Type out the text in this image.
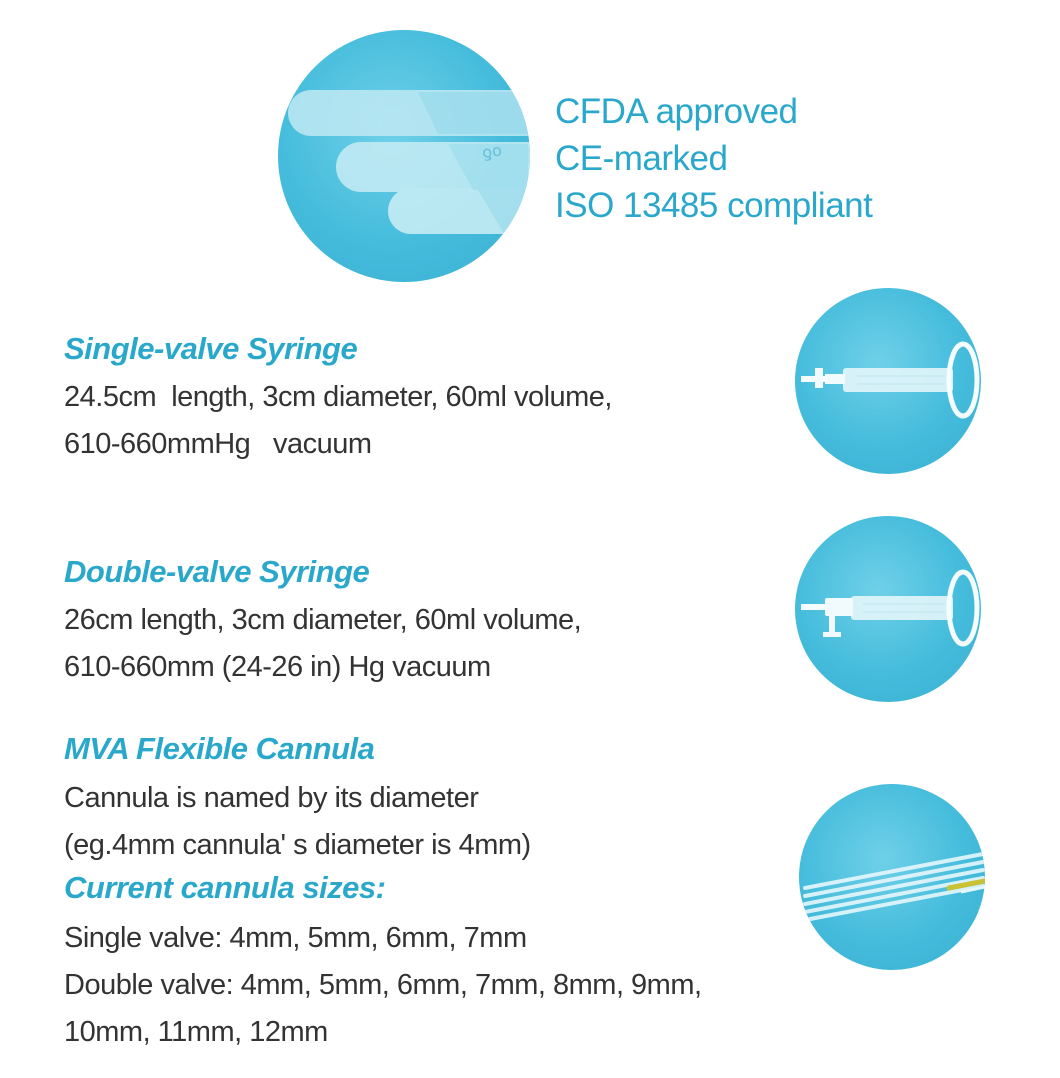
ƍo
CFDA approved
CE-marked
ISO 13485 compliant
Single-valve Syringe
24.5cm  length, 3cm diameter, 60ml volume,
610-660mmHg   vacuum
Double-valve Syringe
26cm length, 3cm diameter, 60ml volume,
610-660mm (24-26 in) Hg vacuum
MVA Flexible Cannula
Cannula is named by its diameter
(eg.4mm cannula' s diameter is 4mm)
Current cannula sizes:
Single valve: 4mm, 5mm, 6mm, 7mm
Double valve: 4mm, 5mm, 6mm, 7mm, 8mm, 9mm,
10mm, 11mm, 12mm
